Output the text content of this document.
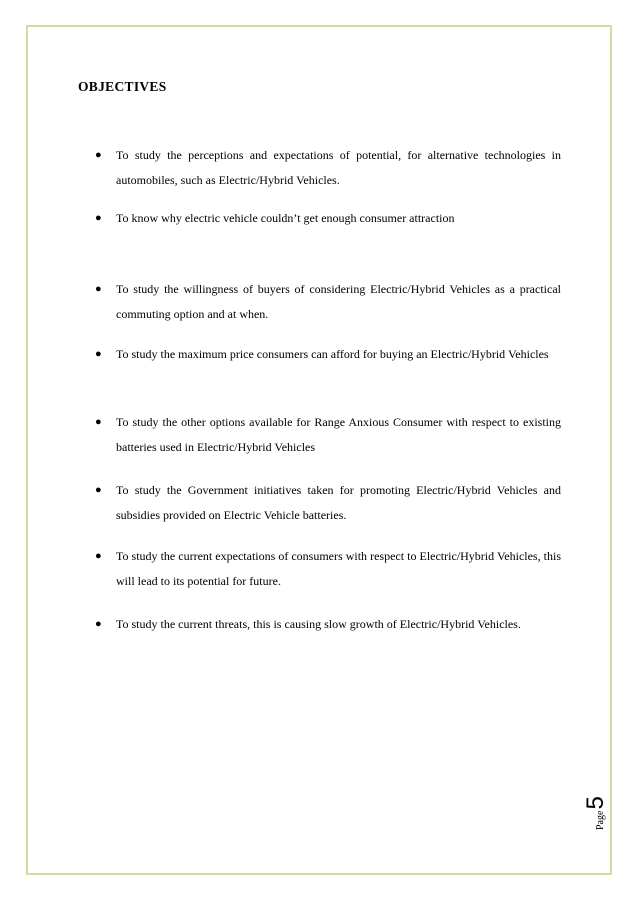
OBJECTIVES
●	To study the perceptions and expectations of potential, for alternative technologies in automobiles, such as Electric/Hybrid Vehicles.
●	To know why electric vehicle couldn’t get enough consumer attraction
●	To study the willingness of buyers of considering Electric/Hybrid Vehicles as a practical commuting option and at when.
●	To study the maximum price consumers can afford for buying an Electric/Hybrid Vehicles
●	To study the other options available for Range Anxious Consumer with respect to existing batteries used in Electric/Hybrid Vehicles
●	To study the Government initiatives taken for promoting Electric/Hybrid Vehicles and subsidies provided on Electric Vehicle batteries.
●	To study the current expectations of consumers with respect to Electric/Hybrid Vehicles, this will lead to its potential for future.
●	To study the current threats, this is causing slow growth of Electric/Hybrid Vehicles.
Page
5
